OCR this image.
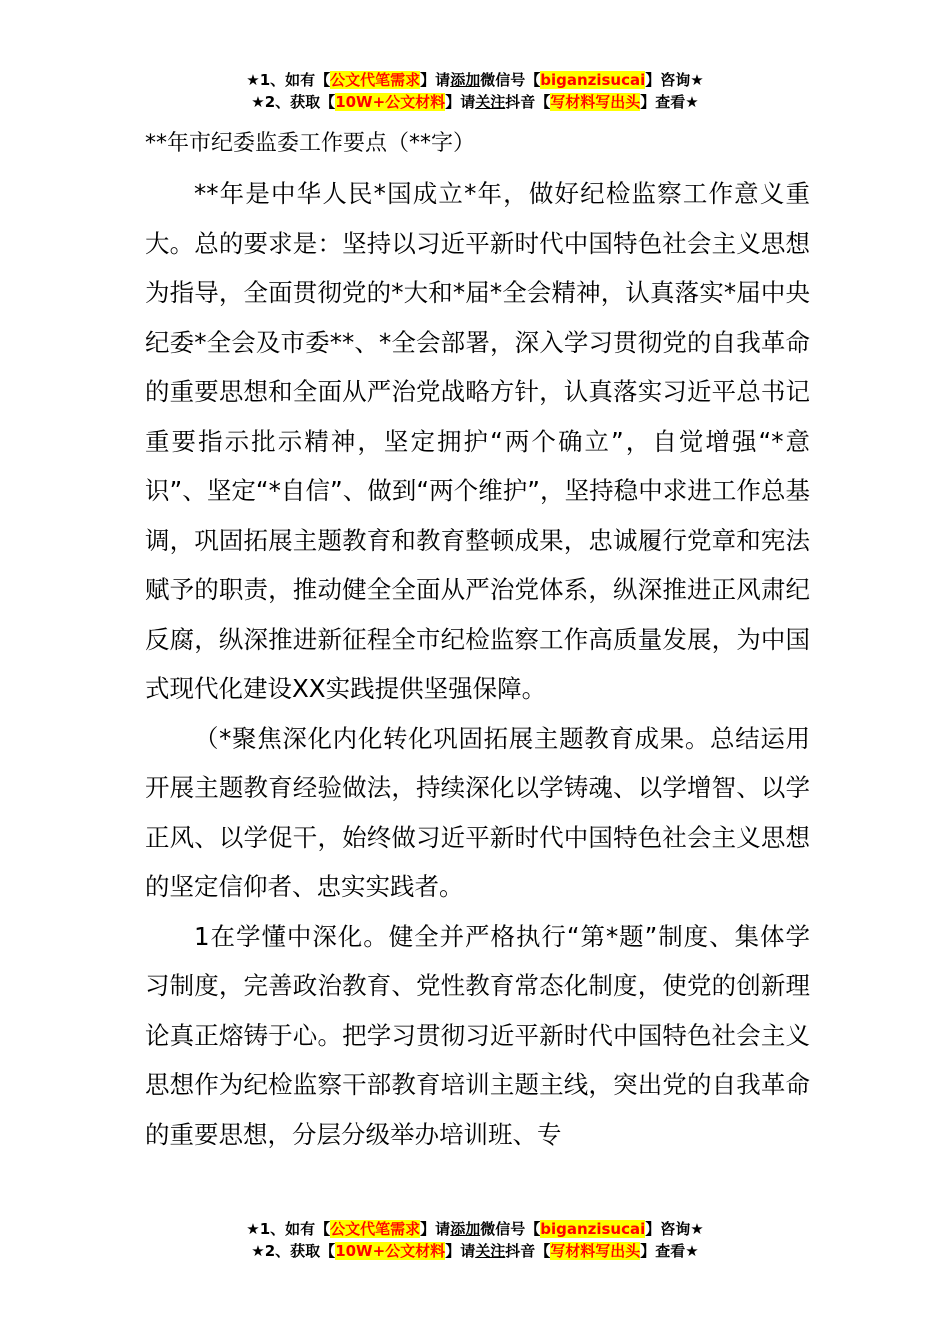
★1、如有【公文代笔需求】请添加微信号【biganzisucai】咨询★
★2、获取【10W+公文材料】请关注抖音【写材料写出头】查看★

**年市纪委监委工作要点（**字）

**年是中华人民*国成立*年，做好纪检监察工作意义重大。总的要求是：坚持以习近平新时代中国特色社会主义思想为指导，全面贯彻党的*大和*届*全会精神，认真落实*届中央纪委*全会及市委**、*全会部署，深入学习贯彻党的自我革命的重要思想和全面从严治党战略方针，认真落实习近平总书记重要指示批示精神，坚定拥护“两个确立”，自觉增强“*意识”、坚定“*自信”、做到“两个维护”，坚持稳中求进工作总基调，巩固拓展主题教育和教育整顿成果，忠诚履行党章和宪法赋予的职责，推动健全全面从严治党体系，纵深推进正风肃纪反腐，纵深推进新征程全市纪检监察工作高质量发展，为中国式现代化建设XX实践提供坚强保障。

（*聚焦深化内化转化巩固拓展主题教育成果。总结运用开展主题教育经验做法，持续深化以学铸魂、以学增智、以学正风、以学促干，始终做习近平新时代中国特色社会主义思想的坚定信仰者、忠实实践者。

1在学懂中深化。健全并严格执行“第*题”制度、集体学习制度，完善政治教育、党性教育常态化制度，使党的创新理论真正熔铸于心。把学习贯彻习近平新时代中国特色社会主义思想作为纪检监察干部教育培训主题主线，突出党的自我革命的重要思想，分层分级举办培训班、专

★1、如有【公文代笔需求】请添加微信号【biganzisucai】咨询★
★2、获取【10W+公文材料】请关注抖音【写材料写出头】查看★
